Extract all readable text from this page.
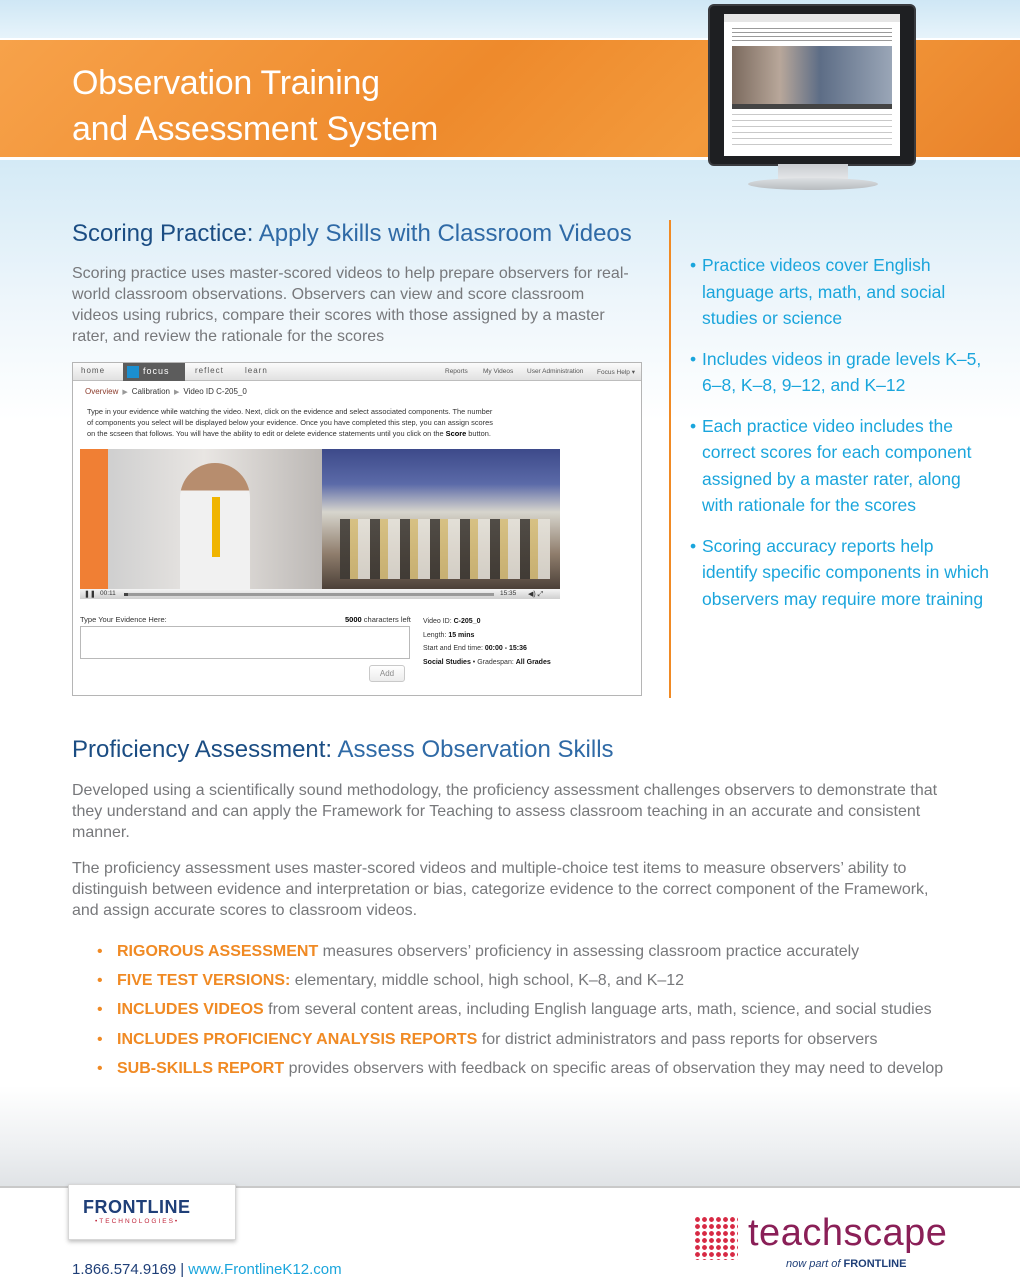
Observation Training
and Assessment System
Scoring Practice: Apply Skills with Classroom Videos

Scoring practice uses master-scored videos to help prepare observers for real-world classroom observations. Observers can view and score classroom videos using rubrics, compare their scores with those assigned by a master rater, and review the rationale for the scores

• Practice videos cover English language arts, math, and social studies or science
• Includes videos in grade levels K–5, 6–8, K–8, 9–12, and K–12
• Each practice video includes the correct scores for each component assigned by a master rater, along with rationale for the scores
• Scoring accuracy reports help identify specific components in which observers may require more training
home	focus	reflect	learn	Reports My Videos User Administration Focus Help ▾
Overview ▶ Calibration ▶ Video ID C-205_0

Type in your evidence while watching the video. Next, click on the evidence and select associated components. The number of components you select will be displayed below your evidence. Once you have completed this step, you can assign scores on the scseen that follows. You will have the ability to edit or delete evidence statements until you click on the Score button.

❚❚ 00:11	15:35 ◀) ⤢
Type Your Evidence Here:	5000 characters left
Add
Video ID: C-205_0
Length: 15 mins
Start and End time: 00:00 - 15:36
Social Studies • Gradespan: All Grades
Proficiency Assessment: Assess Observation Skills

Developed using a scientifically sound methodology, the proficiency assessment challenges observers to demonstrate that they understand and can apply the Framework for Teaching to assess classroom teaching in an accurate and consistent manner.

The proficiency assessment uses master-scored videos and multiple-choice test items to measure observers’ ability to distinguish between evidence and interpretation or bias, categorize evidence to the correct component of the Framework, and assign accurate scores to classroom videos.

• RIGOROUS ASSESSMENT measures observers’ proficiency in assessing classroom practice accurately
• FIVE TEST VERSIONS: elementary, middle school, high school, K–8, and K–12
• INCLUDES VIDEOS from several content areas, including English language arts, math, science, and social studies
• INCLUDES PROFICIENCY ANALYSIS REPORTS for district administrators and pass reports for observers
• SUB-SKILLS REPORT provides observers with feedback on specific areas of observation they may need to develop
FRONTLINE
•TECHNOLOGIES•
1.866.574.9169 | www.FrontlineK12.com
teachscape
now part of FRONTLINE
